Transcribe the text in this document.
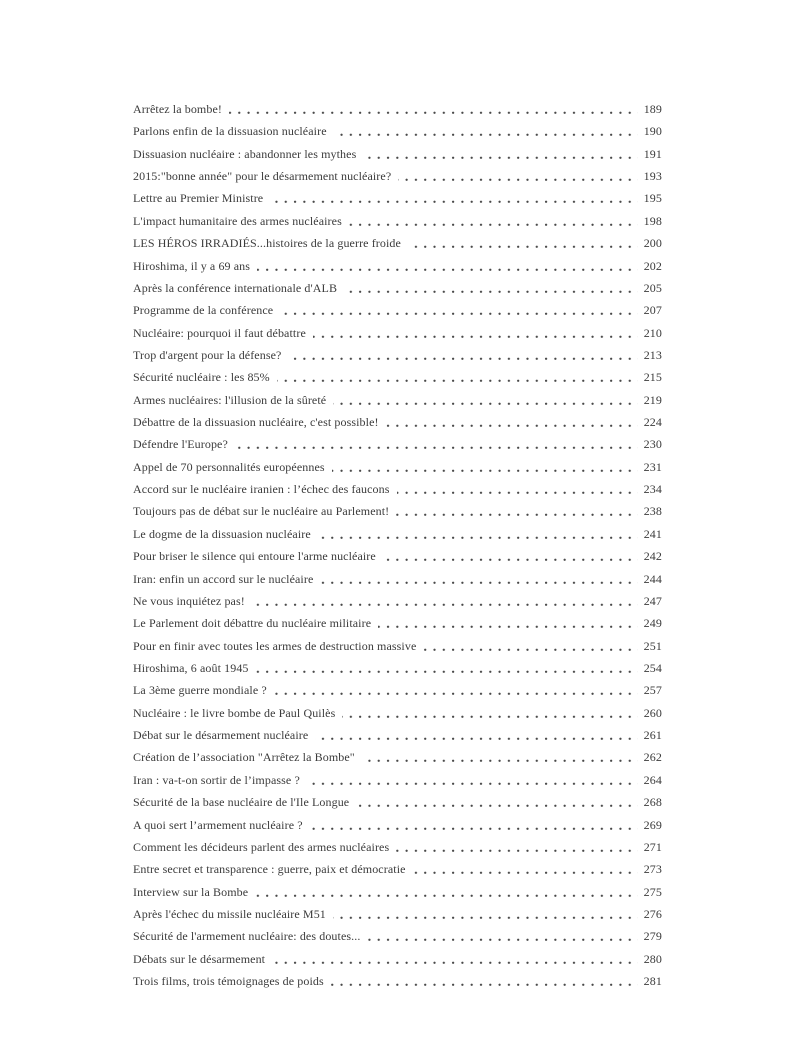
Arrêtez la bombe!	189
Parlons enfin de la dissuasion nucléaire	190
Dissuasion nucléaire : abandonner les mythes	191
2015:"bonne année" pour le désarmement nucléaire?	193
Lettre au Premier Ministre	195
L'impact humanitaire des armes nucléaires	198
LES HÉROS IRRADIÉS...histoires de la guerre froide	200
Hiroshima, il y a 69 ans	202
Après la conférence internationale d'ALB	205
Programme de la conférence	207
Nucléaire: pourquoi il faut débattre	210
Trop d'argent pour la défense?	213
Sécurité nucléaire : les 85%	215
Armes nucléaires: l'illusion de la sûreté	219
Débattre de la dissuasion nucléaire, c'est possible!	224
Défendre l'Europe?	230
Appel de 70 personnalités européennes	231
Accord sur le nucléaire iranien : l’échec des faucons	234
Toujours pas de débat sur le nucléaire au Parlement!	238
Le dogme de la dissuasion nucléaire	241
Pour briser le silence qui entoure l'arme nucléaire	242
Iran: enfin un accord sur le nucléaire	244
Ne vous inquiétez pas!	247
Le Parlement doit débattre du nucléaire militaire	249
Pour en finir avec toutes les armes de destruction massive	251
Hiroshima, 6 août 1945	254
La 3ème guerre mondiale ?	257
Nucléaire : le livre bombe de Paul Quilès	260
Débat sur le désarmement nucléaire	261
Création de l’association "Arrêtez la Bombe"	262
Iran : va-t-on sortir de l’impasse ?	264
Sécurité de la base nucléaire de l'Ile Longue	268
A quoi sert l’armement nucléaire ?	269
Comment les décideurs parlent des armes nucléaires	271
Entre secret et transparence : guerre, paix et démocratie	273
Interview sur la Bombe	275
Après l'échec du missile nucléaire M51	276
Sécurité de l'armement nucléaire: des doutes...	279
Débats sur le désarmement	280
Trois films, trois témoignages de poids	281
